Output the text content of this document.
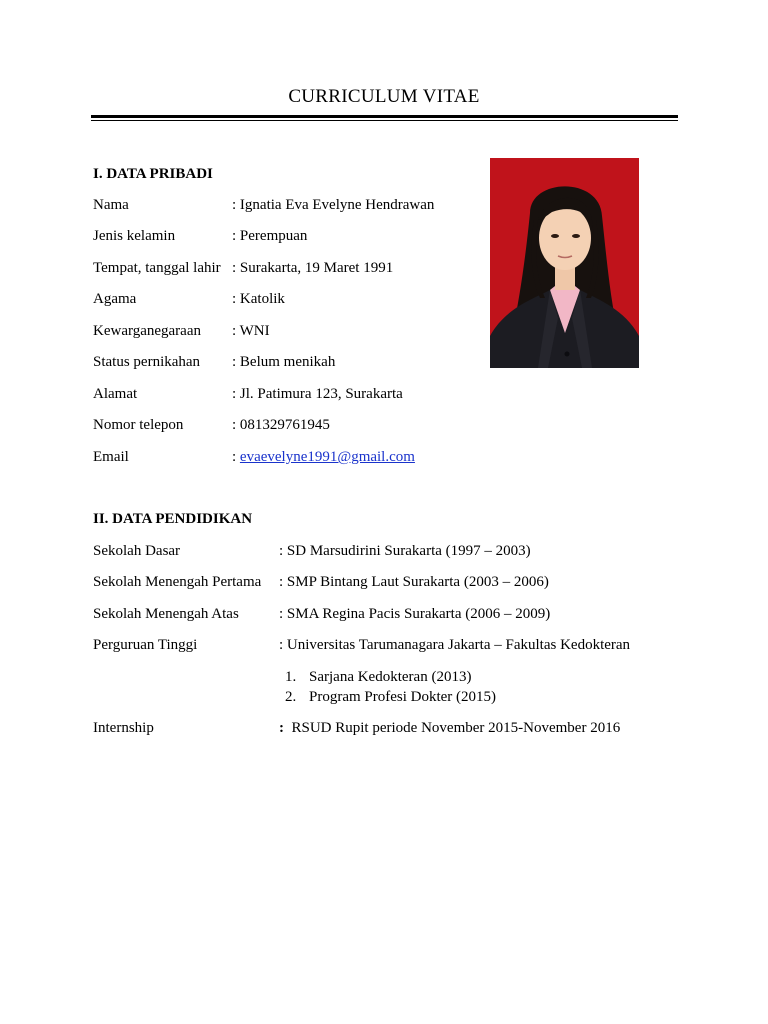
CURRICULUM VITAE
I. DATA PRIBADI
Nama	: Ignatia Eva Evelyne Hendrawan
Jenis kelamin	: Perempuan
Tempat, tanggal lahir : Surakarta, 19 Maret 1991
Agama	: Katolik
Kewarganegaraan : WNI
Status pernikahan : Belum menikah
Alamat	: Jl. Patimura 123, Surakarta
Nomor telepon	: 081329761945
Email	: evaevelyne1991@gmail.com
II. DATA PENDIDIKAN
Sekolah Dasar	: SD Marsudirini Surakarta (1997 – 2003)
Sekolah Menengah Pertama : SMP Bintang Laut Surakarta (2003 – 2006)
Sekolah Menengah Atas	: SMA Regina Pacis Surakarta (2006 – 2009)
Perguruan Tinggi	: Universitas Tarumanagara Jakarta – Fakultas Kedokteran
1. Sarjana Kedokteran (2013)
2. Program Profesi Dokter (2015)
Internship	: RSUD Rupit periode November 2015-November 2016
